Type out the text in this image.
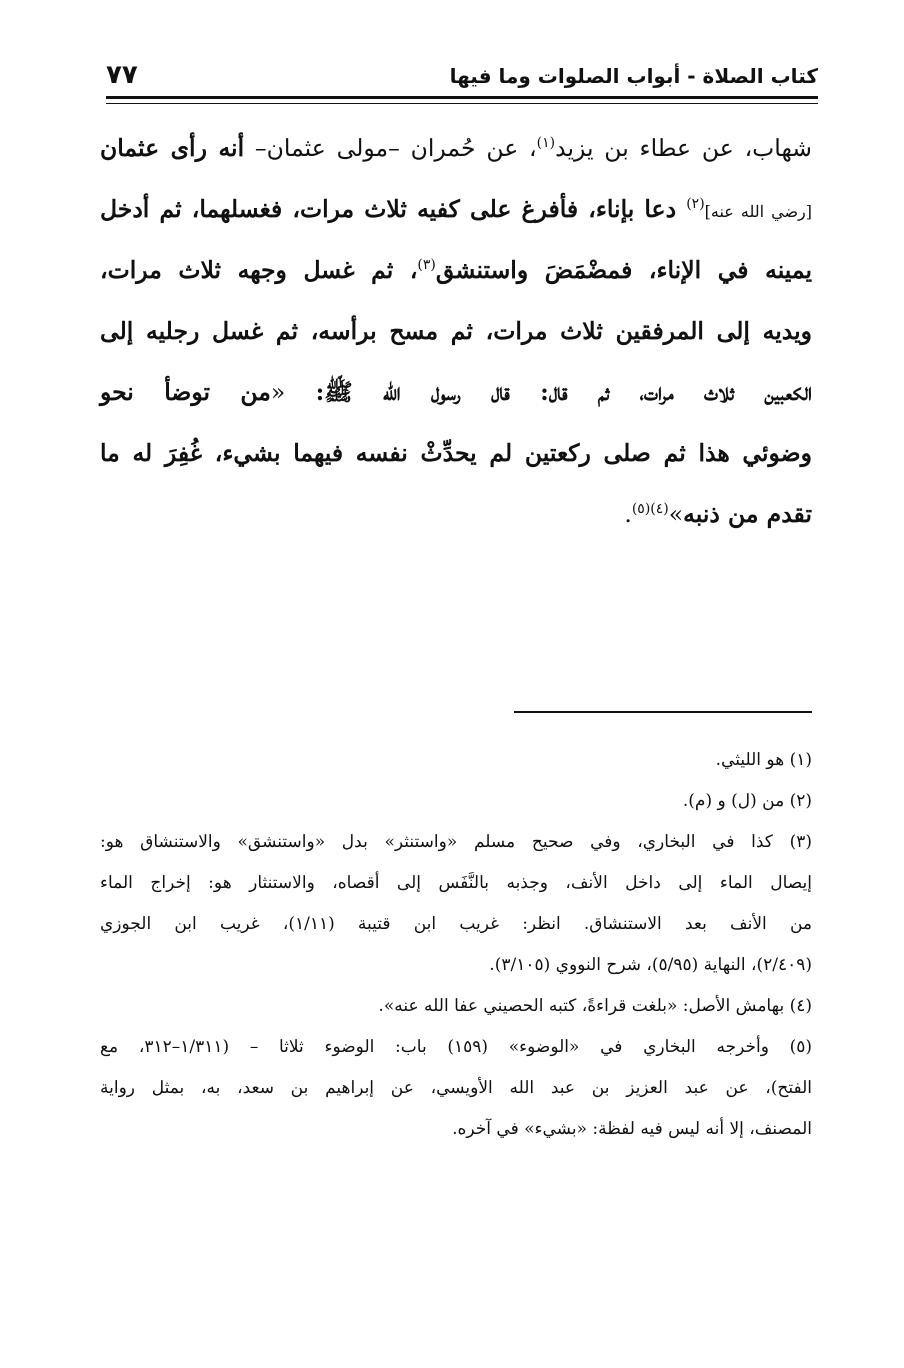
٧٧	كتاب الصلاة - أبواب الصلوات وما فيها
شهاب، عن عطاء بن يزيد$^{(١)}$، عن حُمران –مولى عثمان– أنه رأى عثمان
[رضي الله عنه]$^{(٢)}$ دعا بإناء، فأفرغ على كفيه ثلاث مرات، فغسلهما، ثم أدخل
يمينه في الإناء، فمضْمَضَ واستنشق$^{(٣)}$، ثم غسل وجهه ثلاث مرات،
ويديه إلى المرفقين ثلاث مرات، ثم مسح برأسه، ثم غسل رجليه إلى
الكعبين ثلاث مرات، ثم قال: قال رسول الله ﷺ: «من توضأ نحو
وضوئي هذا ثم صلى ركعتين لم يحدِّثْ نفسه فيهما بشيء، غُفِرَ له ما
تقدم من ذنبه»$^{(٤)(٥)}$.
(١) هو الليثي.
(٢) من (ل) و (م).
(٣) كذا في البخاري، وفي صحيح مسلم «واستنثر» بدل «واستنشق» والاستنشاق هو:
إيصال الماء إلى داخل الأنف، وجذبه بالنَّفَس إلى أقصاه، والاستنثار هو: إخراج الماء
من الأنف بعد الاستنشاق. انظر: غريب ابن قتيبة (١/١١)، غريب ابن الجوزي
(٢/٤٠٩)، النهاية (٥/٩٥)، شرح النووي (٣/١٠٥).
(٤) بهامش الأصل: «بلغت قراءةً، كتبه الحصيني عفا الله عنه».
(٥) وأخرجه البخاري في «الوضوء» (١٥٩) باب: الوضوء ثلاثا – (١/٣١١–٣١٢، مع
الفتح)، عن عبد العزيز بن عبد الله الأويسي، عن إبراهيم بن سعد، به، بمثل رواية
المصنف، إلا أنه ليس فيه لفظة: «بشيء» في آخره.
